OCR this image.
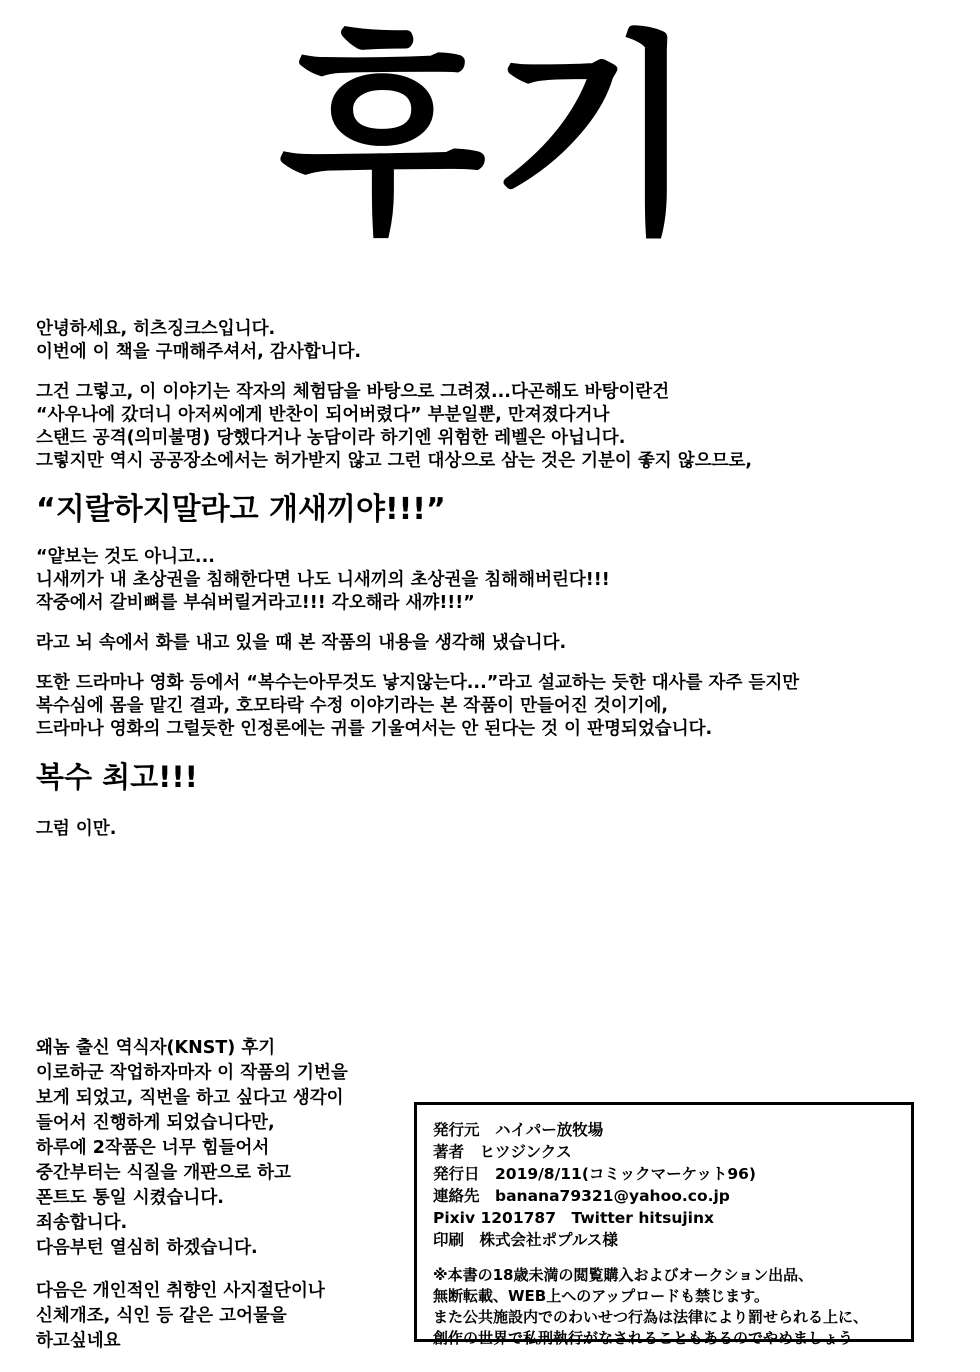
후기
안녕하세요, 히츠징크스입니다.
이번에 이 책을 구매해주셔서, 감사합니다.
그건 그렇고, 이 이야기는 작자의 체험담을 바탕으로 그려졌...다곤해도 바탕이란건
“사우나에 갔더니 아저씨에게 반찬이 되어버렸다” 부분일뿐, 만져졌다거나
스탠드 공격(의미불명) 당했다거나 농담이라 하기엔 위험한 레벨은 아닙니다.
그렇지만 역시 공공장소에서는 허가받지 않고 그런 대상으로 삼는 것은 기분이 좋지 않으므로,
“지랄하지말라고 개새끼야!!!”
“얕보는 것도 아니고...
니새끼가 내 초상권을 침해한다면 나도 니새끼의 초상권을 침해해버린다!!!
작중에서 갈비뼈를 부숴버릴거라고!!! 각오해라 새꺄!!!”
라고 뇌 속에서 화를 내고 있을 때 본 작품의 내용을 생각해 냈습니다.
또한 드라마나 영화 등에서 “복수는아무것도 낳지않는다...”라고 설교하는 듯한 대사를 자주 듣지만
복수심에 몸을 맡긴 결과, 호모타락 수정 이야기라는 본 작품이 만들어진 것이기에,
드라마나 영화의 그럴듯한 인정론에는 귀를 기울여서는 안 된다는 것 이 판명되었습니다.
복수 최고!!!
그럼 이만.
왜놈 출신 역식자(KNST) 후기
이로하군 작업하자마자 이 작품의 기번을
보게 되었고, 직번을 하고 싶다고 생각이
들어서 진행하게 되었습니다만,
하루에 2작품은 너무 힘들어서
중간부터는 식질을 개판으로 하고
폰트도 통일 시켰습니다.
죄송합니다.
다음부턴 열심히 하겠습니다.
다음은 개인적인 취향인 사지절단이나
신체개조, 식인 등 같은 고어물을
하고싶네요
発行元　ハイパー放牧場
著者　ヒツジンクス
発行日　2019/8/11(コミックマーケット96)
連絡先　banana79321@yahoo.co.jp
Pixiv 1201787　Twitter hitsujinx
印刷　株式会社ポプルス様
※本書の18歳未満の閲覧購入およびオークション出品、
無断転載、WEB上へのアップロードも禁じます。
また公共施設内でのわいせつ行為は法律により罰せられる上に、
創作の世界で私刑執行がなされることもあるのでやめましょう
